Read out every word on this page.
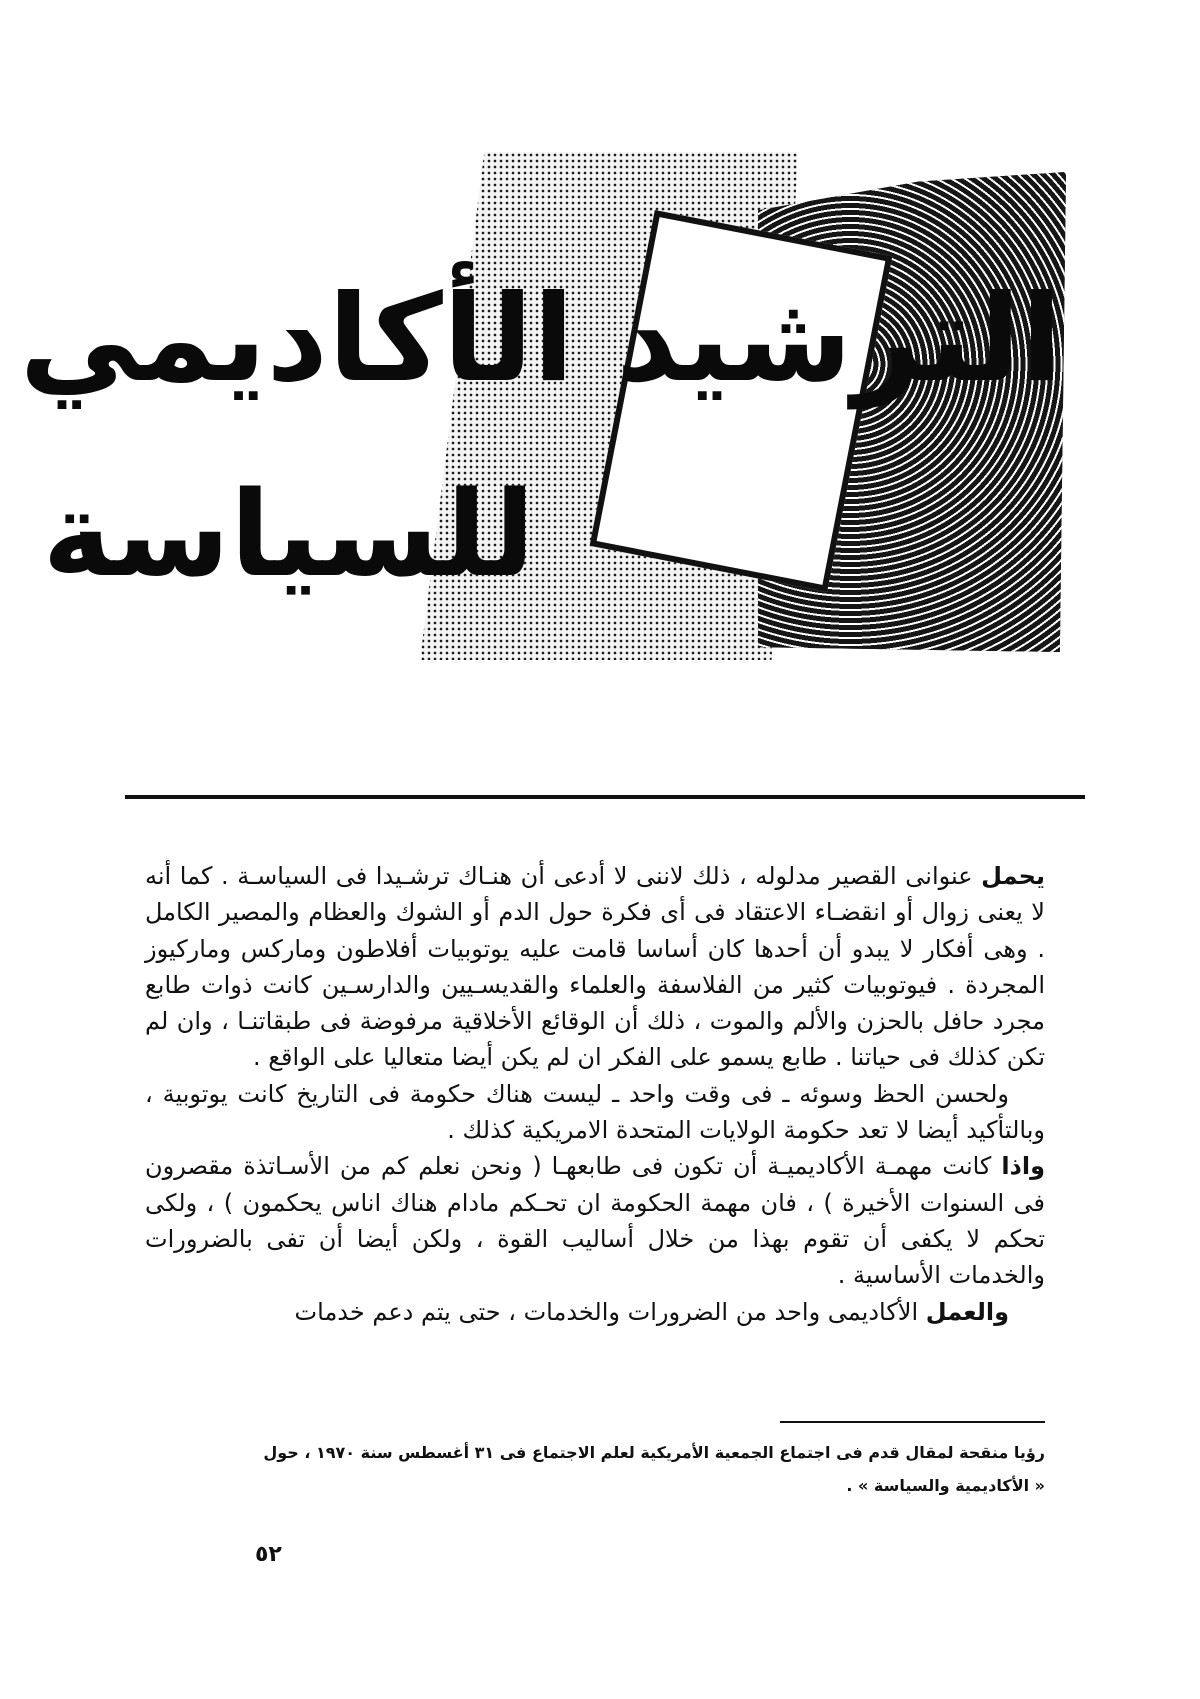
الترشيد الأكاديمي
للسياسة

يحمل عنوانى القصير مدلوله ، ذلك لاننى لا أدعى أن هنـاك ترشـيدا فى السياسـة . كما أنه لا يعنى زوال أو انقضـاء الاعتقاد فى أى فكرة حول الدم أو الشوك والعظام والمصير الكامل . وهى أفكار لا يبدو أن أحدها كان أساسا قامت عليه يوتوبيات أفلاطون وماركس وماركيوز المجردة . فيوتوبيات كثير من الفلاسفة والعلماء والقديسـيين والدارسـين كانت ذوات طابع مجرد حافل بالحزن والألم والموت ، ذلك أن الوقائع الأخلاقية مرفوضة فى طبقاتنـا ، وان لم تكن كذلك فى حياتنا . طابع يسمو على الفكر ان لم يكن أيضا متعاليا على الواقع .

ولحسن الحظ وسوئه ـ فى وقت واحد ـ ليست هناك حكومة فى التاريخ كانت يوتوبية ، وبالتأكيد أيضا لا تعد حكومة الولايات المتحدة الامريكية كذلك .

واذا كانت مهمـة الأكاديميـة أن تكون فى طابعهـا ( ونحن نعلم كم من الأسـاتذة مقصرون فى السنوات الأخيرة ) ، فان مهمة الحكومة ان تحـكم مادام هناك اناس يحكمون ) ، ولكى تحكم لا يكفى أن تقوم بهذا من خلال أساليب القوة ، ولكن أيضا أن تفى بالضرورات والخدمات الأساسية .

والعمل الأكاديمى واحد من الضرورات والخدمات ، حتى يتم دعم خدمات

رؤيا منقحة لمقال قدم فى اجتماع الجمعية الأمريكية لعلم الاجتماع فى ٣١ أغسطس سنة ١٩٧٠ ، حول

« الأكاديمية والسياسة » .

٥٢
